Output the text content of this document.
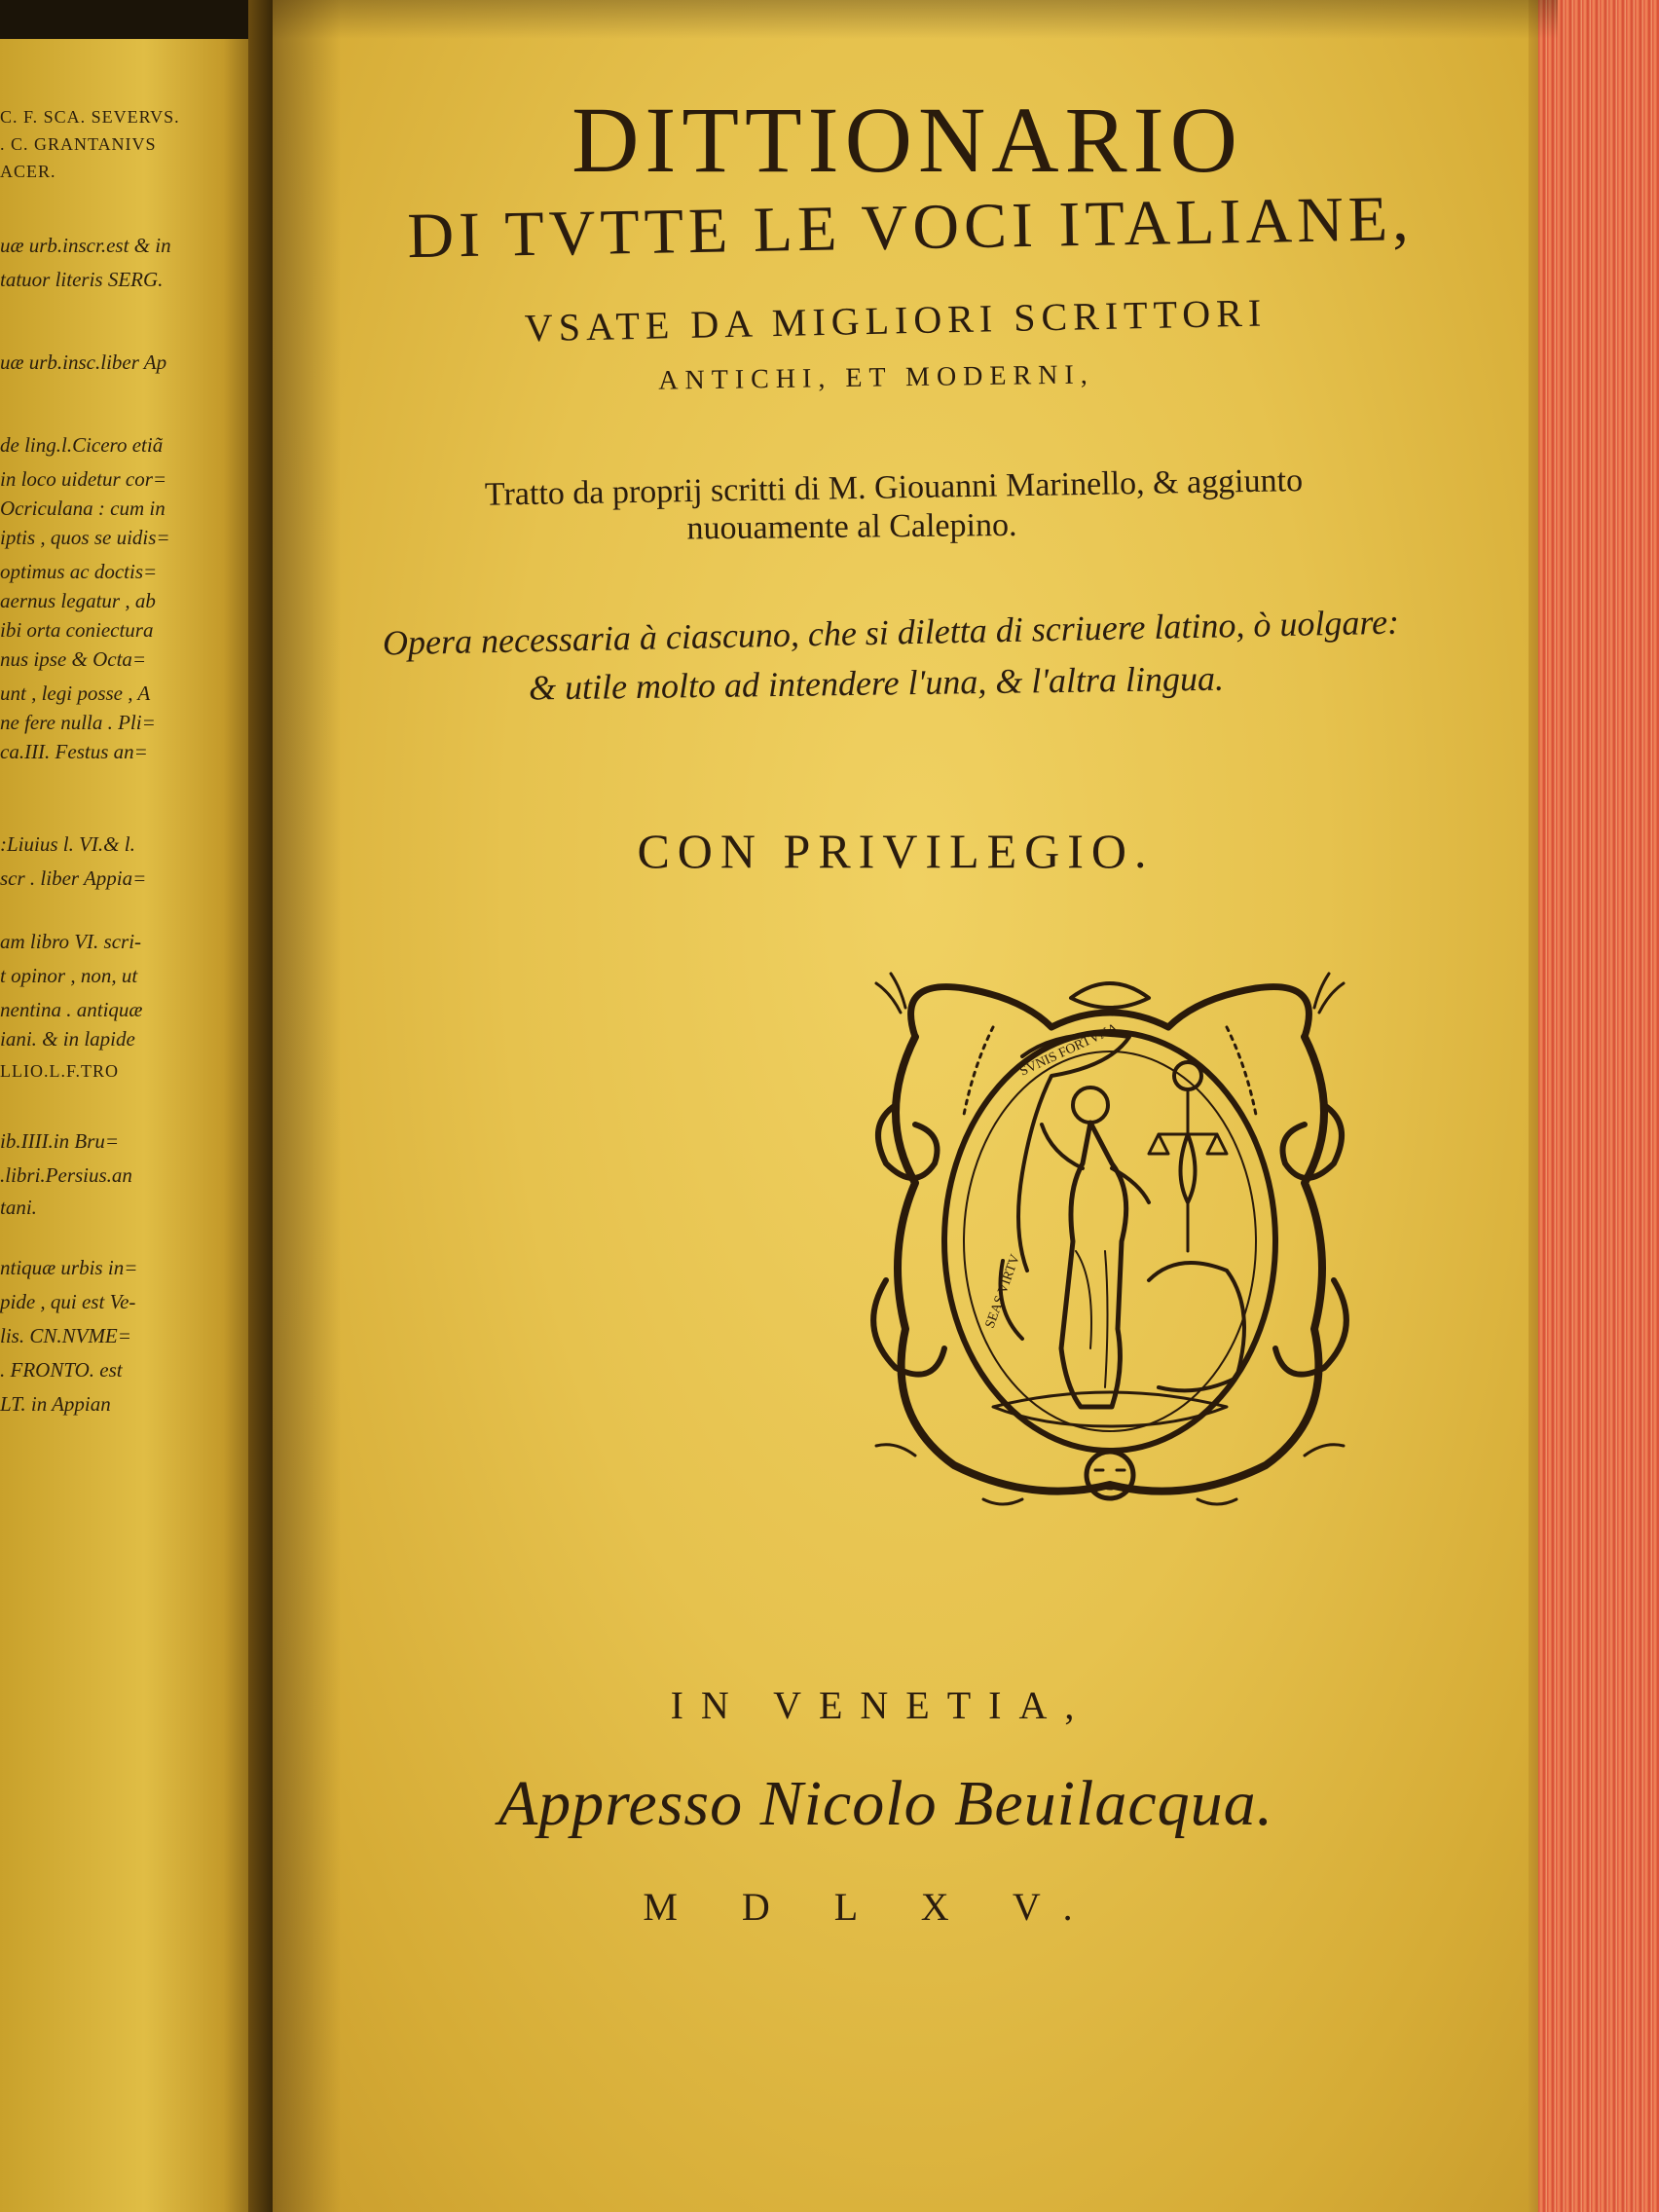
C. F. SCA. SEVERVS.
. C. GRANTANIVS
ACER.
uæ urb.inscr.est & in
tatuor literis SERG.
uæ urb.insc.liber Ap
de ling.l.Cicero etiã
in loco uidetur cor=
Ocriculana : cum in
iptis , quos se uidis=
optimus ac doctis=
aernus legatur , ab
ibi orta coniectura
nus ipse & Octa=
unt , legi posse , A
ne fere nulla . Pli=
ca.III. Festus an=
:Liuius l. VI.& l.
scr . liber Appia=
am libro VI. scri-
t opinor , non, ut
nentina . antiquæ
iani. & in lapide
LLIO.L.F.TRO
ib.IIII.in Bru=
.libri.Persius.an
tani.
ntiquæ urbis in=
pide , qui est Ve-
lis. CN.NVME=
. FRONTO. est
LT. in Appian
DITTIONARIO
DI TVTTE LE VOCI ITALIANE,
VSATE DA MIGLIORI SCRITTORI
ANTICHI, ET MODERNI,
Tratto da proprij scritti di M. Giouanni Marinello, & aggiunto
nuouamente al Calepino.
Opera necessaria à ciascuno, che si diletta di scriuere latino, ò uolgare:
& utile molto ad intendere l'una, & l'altra lingua.
CON PRIVILEGIO.
SVNIS FORTVNA
SEAS VIRTV
IN VENETIA,
Appresso Nicolo Beuilacqua.
M D L X V.
